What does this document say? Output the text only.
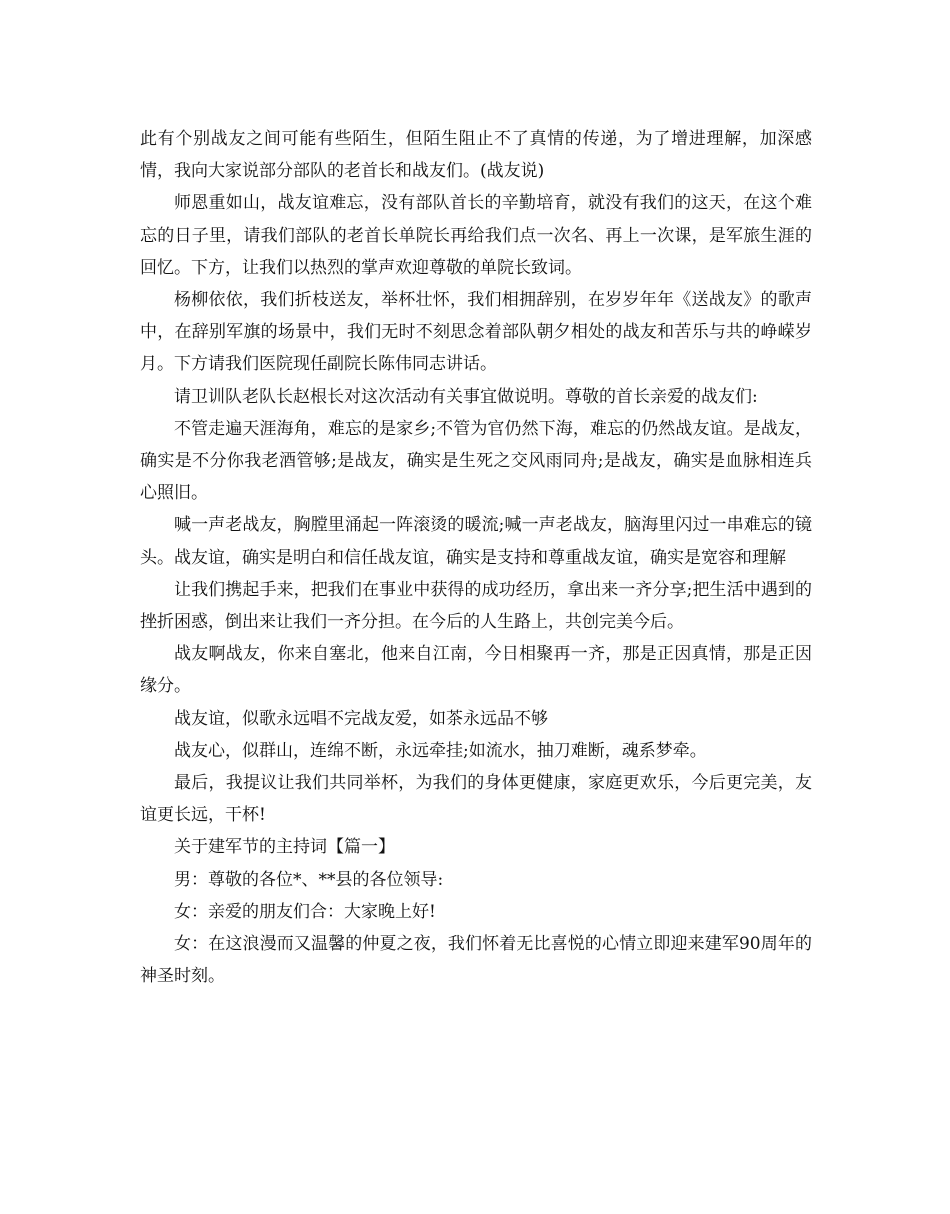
此有个别战友之间可能有些陌生，但陌生阻止不了真情的传递，为了增进理解，加深感情，我向大家说部分部队的老首长和战友们。(战友说)

师恩重如山，战友谊难忘，没有部队首长的辛勤培育，就没有我们的这天，在这个难忘的日子里，请我们部队的老首长单院长再给我们点一次名、再上一次课，是军旅生涯的回忆。下方，让我们以热烈的掌声欢迎尊敬的单院长致词。

杨柳依依，我们折枝送友，举杯壮怀，我们相拥辞别，在岁岁年年《送战友》的歌声中，在辞别军旗的场景中，我们无时不刻思念着部队朝夕相处的战友和苦乐与共的峥嵘岁月。下方请我们医院现任副院长陈伟同志讲话。

请卫训队老队长赵根长对这次活动有关事宜做说明。尊敬的首长亲爱的战友们:

不管走遍天涯海角，难忘的是家乡;不管为官仍然下海，难忘的仍然战友谊。是战友，确实是不分你我老酒管够;是战友，确实是生死之交风雨同舟;是战友，确实是血脉相连兵心照旧。

喊一声老战友，胸膛里涌起一阵滚烫的暖流;喊一声老战友，脑海里闪过一串难忘的镜头。战友谊，确实是明白和信任战友谊，确实是支持和尊重战友谊，确实是宽容和理解

让我们携起手来，把我们在事业中获得的成功经历，拿出来一齐分享;把生活中遇到的挫折困惑，倒出来让我们一齐分担。在今后的人生路上，共创完美今后。

战友啊战友，你来自塞北，他来自江南，今日相聚再一齐，那是正因真情，那是正因缘分。

战友谊，似歌永远唱不完战友爱，如茶永远品不够

战友心，似群山，连绵不断，永远牵挂;如流水，抽刀难断，魂系梦牵。

最后，我提议让我们共同举杯，为我们的身体更健康，家庭更欢乐，今后更完美，友谊更长远，干杯!

关于建军节的主持词【篇一】

男：尊敬的各位*、**县的各位领导:

女：亲爱的朋友们合：大家晚上好!

女：在这浪漫而又温馨的仲夏之夜，我们怀着无比喜悦的心情立即迎来建军90周年的神圣时刻。
